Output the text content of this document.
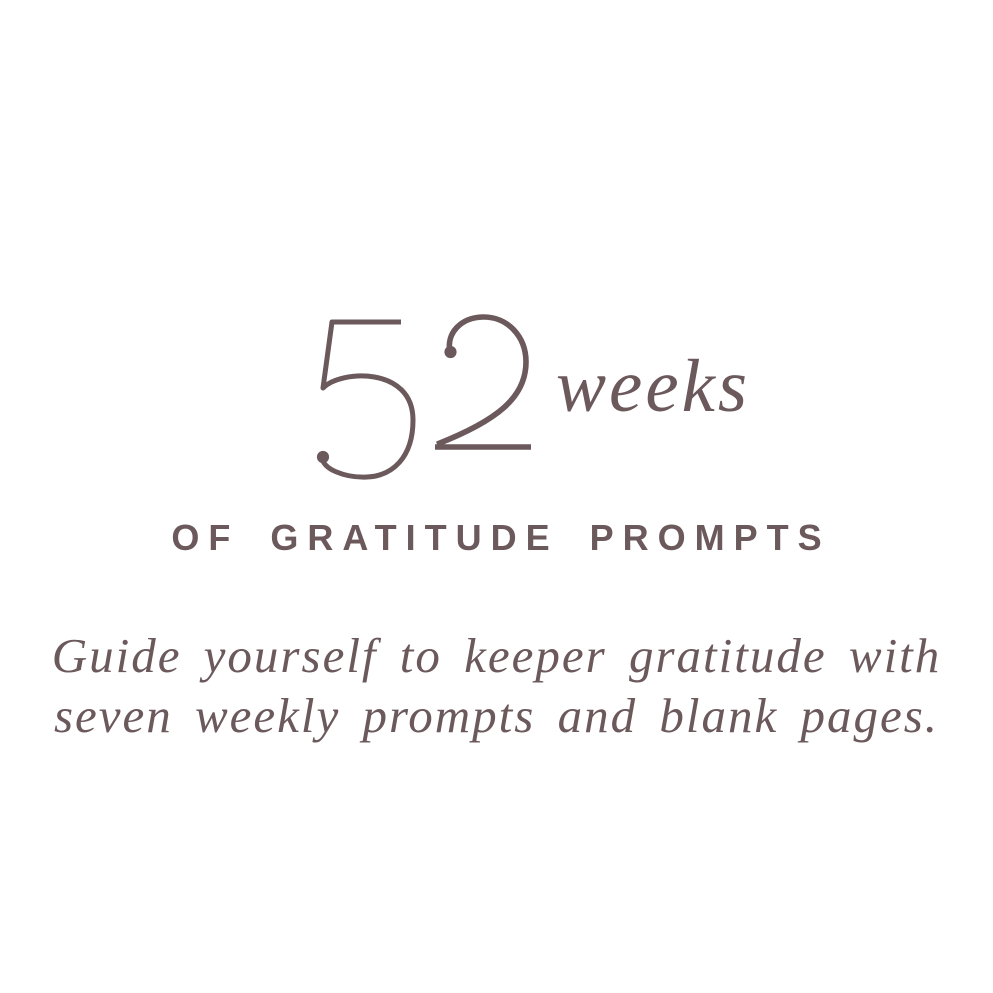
weeks
OF GRATITUDE PROMPTS
Guide yourself to keeper gratitude with
seven weekly prompts and blank pages.
